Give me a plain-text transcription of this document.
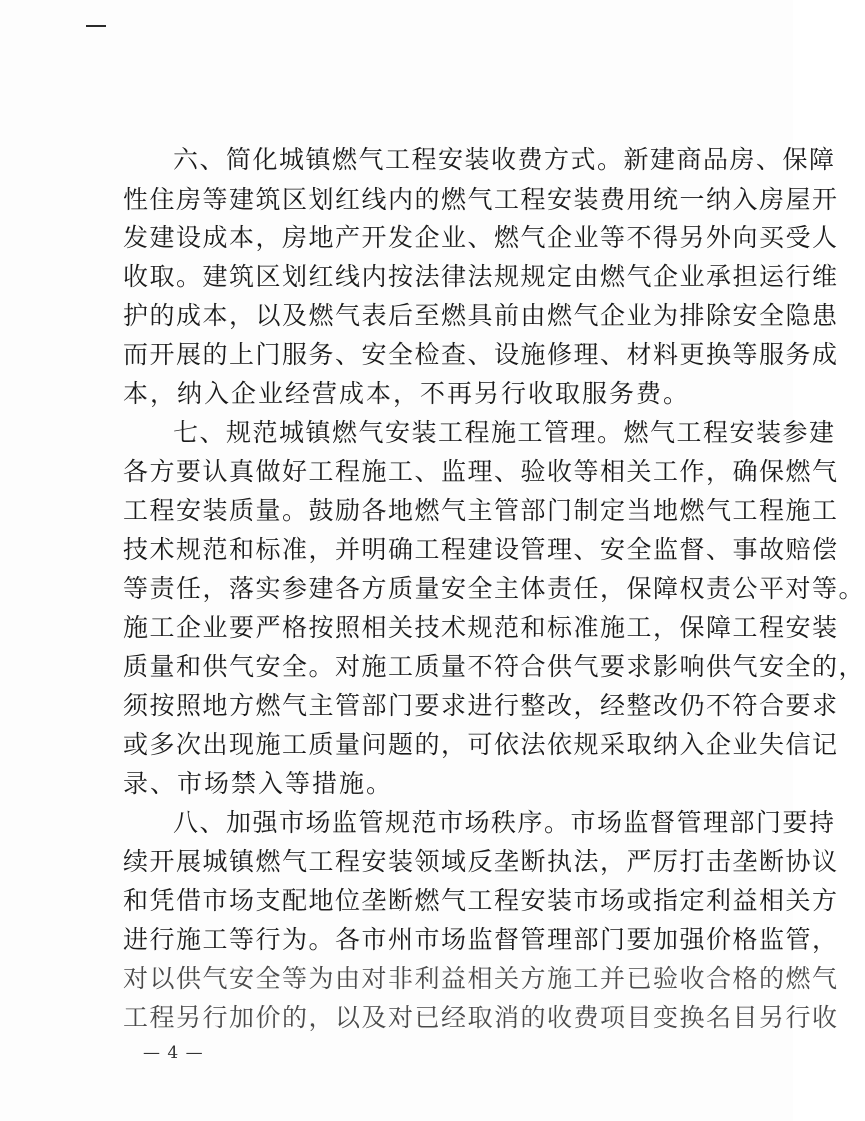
六、简化城镇燃气工程安装收费方式。新建商品房、保障
性住房等建筑区划红线内的燃气工程安装费用统一纳入房屋开
发建设成本，房地产开发企业、燃气企业等不得另外向买受人
收取。建筑区划红线内按法律法规规定由燃气企业承担运行维
护的成本，以及燃气表后至燃具前由燃气企业为排除安全隐患
而开展的上门服务、安全检查、设施修理、材料更换等服务成
本，纳入企业经营成本，不再另行收取服务费。
七、规范城镇燃气安装工程施工管理。燃气工程安装参建
各方要认真做好工程施工、监理、验收等相关工作，确保燃气
工程安装质量。鼓励各地燃气主管部门制定当地燃气工程施工
技术规范和标准，并明确工程建设管理、安全监督、事故赔偿
等责任，落实参建各方质量安全主体责任，保障权责公平对等。
施工企业要严格按照相关技术规范和标准施工，保障工程安装
质量和供气安全。对施工质量不符合供气要求影响供气安全的，
须按照地方燃气主管部门要求进行整改，经整改仍不符合要求
或多次出现施工质量问题的，可依法依规采取纳入企业失信记
录、市场禁入等措施。
八、加强市场监管规范市场秩序。市场监督管理部门要持
续开展城镇燃气工程安装领域反垄断执法，严厉打击垄断协议
和凭借市场支配地位垄断燃气工程安装市场或指定利益相关方
进行施工等行为。各市州市场监督管理部门要加强价格监管，
对以供气安全等为由对非利益相关方施工并已验收合格的燃气
工程另行加价的，以及对已经取消的收费项目变换名目另行收
— 4 —
